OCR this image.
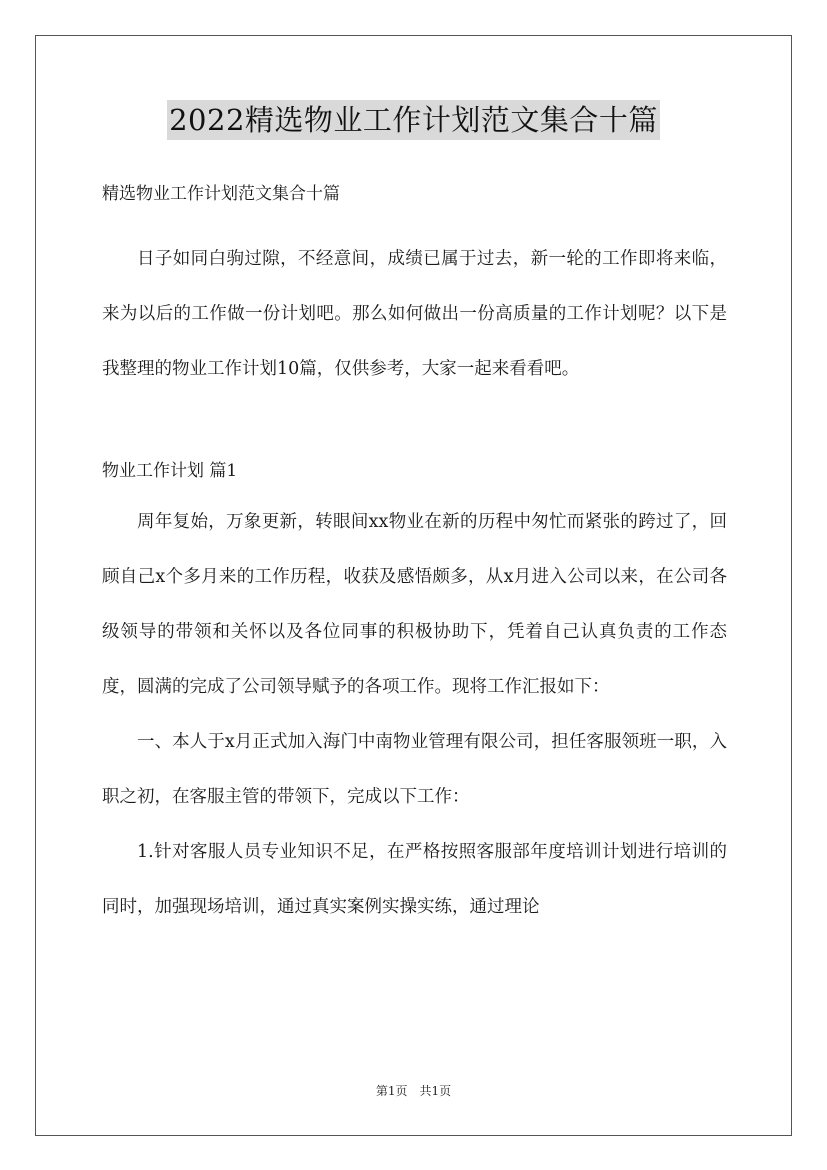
2022精选物业工作计划范文集合十篇

精选物业工作计划范文集合十篇

日子如同白驹过隙，不经意间，成绩已属于过去，新一轮的工作即将来临，来为以后的工作做一份计划吧。那么如何做出一份高质量的工作计划呢？以下是我整理的物业工作计划10篇，仅供参考，大家一起来看看吧。

物业工作计划 篇1

周年复始，万象更新，转眼间xx物业在新的历程中匆忙而紧张的跨过了，回顾自己x个多月来的工作历程，收获及感悟颇多，从x月进入公司以来，在公司各级领导的带领和关怀以及各位同事的积极协助下，凭着自己认真负责的工作态度，圆满的完成了公司领导赋予的各项工作。现将工作汇报如下：

一、本人于x月正式加入海门中南物业管理有限公司，担任客服领班一职，入职之初，在客服主管的带领下，完成以下工作：

1.针对客服人员专业知识不足，在严格按照客服部年度培训计划进行培训的同时，加强现场培训，通过真实案例实操实练，通过理论

第1页　共1页
